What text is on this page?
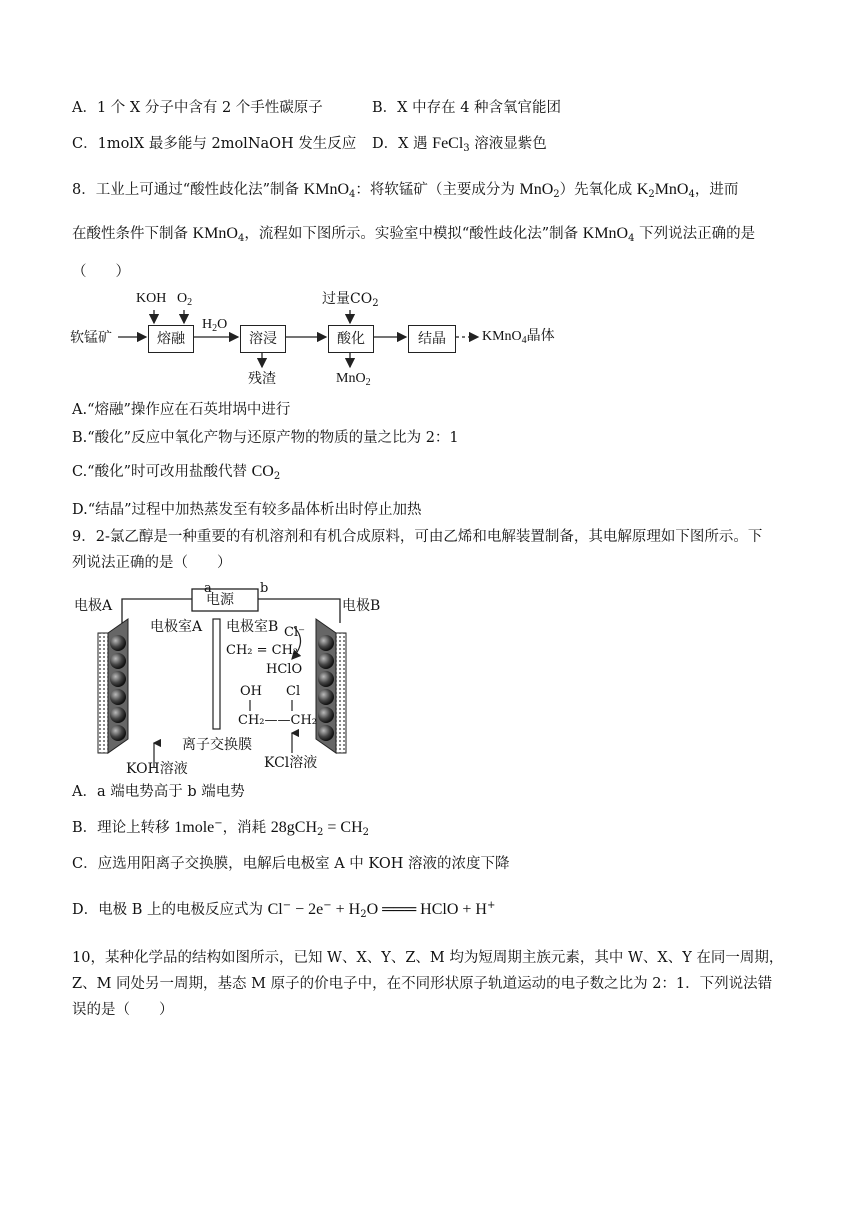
A．1 个 X 分子中含有 2 个手性碳原子	B．X 中存在 4 种含氧官能团
C．1molX 最多能与 2molNaOH 发生反应 D．X 遇 FeCl$_3$ 溶液显紫色
8．工业上可通过“酸性歧化法”制备 KMnO$_4$：将软锰矿（主要成分为 MnO$_2$）先氧化成 $K_2MnO_4$，进而
在酸性条件下制备 KMnO$_4$，流程如下图所示。实验室中模拟“酸性歧化法”制备 KMnO$_4$ 下列说法正确的是
（　　）
软锰矿
KOH $O_2$
熔融
$H_2O$
溶浸
残渣
过量$CO_2$
酸化
MnO$_2$
结晶	KMnO$_4$晶体
A.“熔融”操作应在石英坩埚中进行
B.“酸化”反应中氧化产物与还原产物的物质的量之比为 2：1
C.“酸化”时可改用盐酸代替 $CO_2$
D.“结晶”过程中加热蒸发至有较多晶体析出时停止加热
9．2-氯乙醇是一种重要的有机溶剂和有机合成原料，可由乙烯和电解装置制备，其电解原理如下图所示。下
列说法正确的是（　　）
a	b
电源
电极A	电极B
电极室A 电极室B Cl⁻
CH₂ = CH₂
HClO
OH Cl
CH₂——CH₂
离子交换膜
KOH溶液	KCl溶液
A．a 端电势高于 b 端电势
B．理论上转移 1mole−，消耗 $28gCH_2 = CH_2$
C．应选用阳离子交换膜，电解后电极室 A 中 KOH 溶液的浓度下降
D．电极 B 上的电极反应式为 $Cl^- - 2e^- + H_2O$ ═══ HClO + H+
10，某种化学品的结构如图所示，已知 W、X、Y、Z、M 均为短周期主族元素，其中 W、X、Y 在同一周期，
Z、M 同处另一周期，基态 M 原子的价电子中，在不同形状原子轨道运动的电子数之比为 2：1．下列说法错
误的是（　　）
